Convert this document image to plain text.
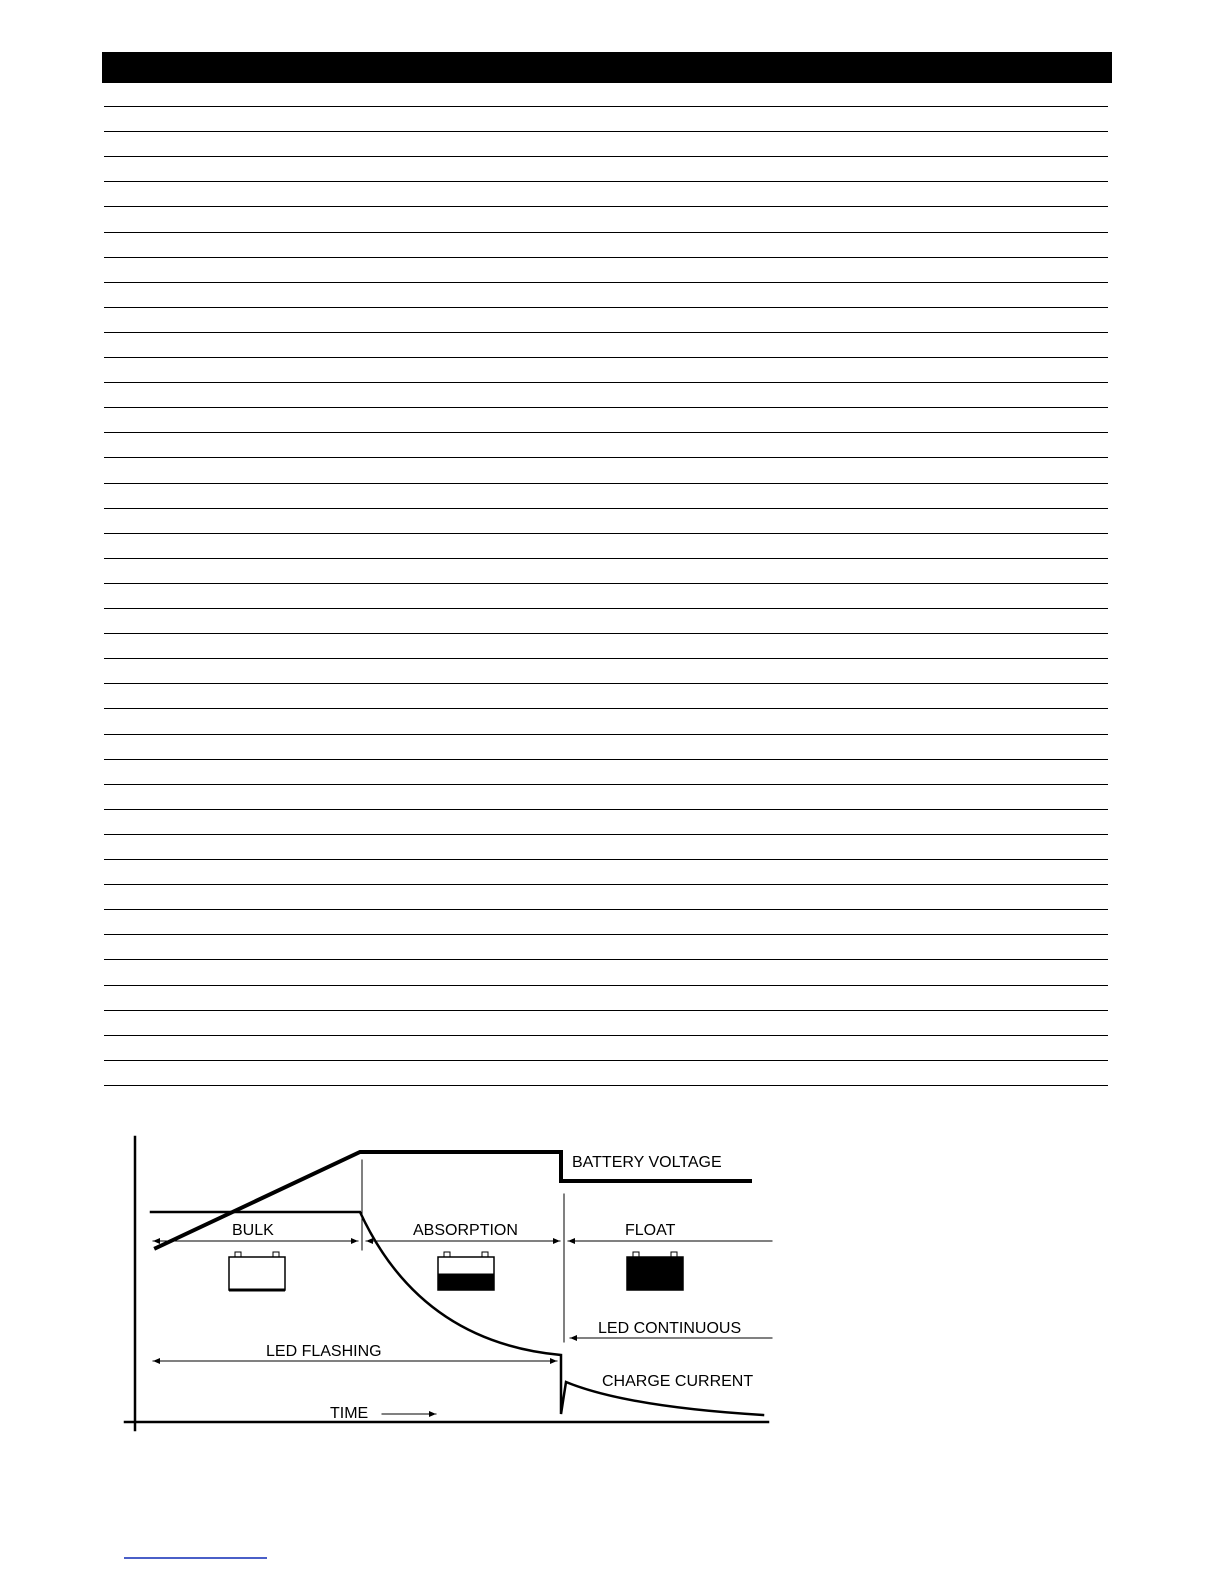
BATTERY VOLTAGE
BULK	ABSORPTION	FLOAT
LED CONTINUOUS
LED FLASHING
CHARGE CURRENT
TIME
